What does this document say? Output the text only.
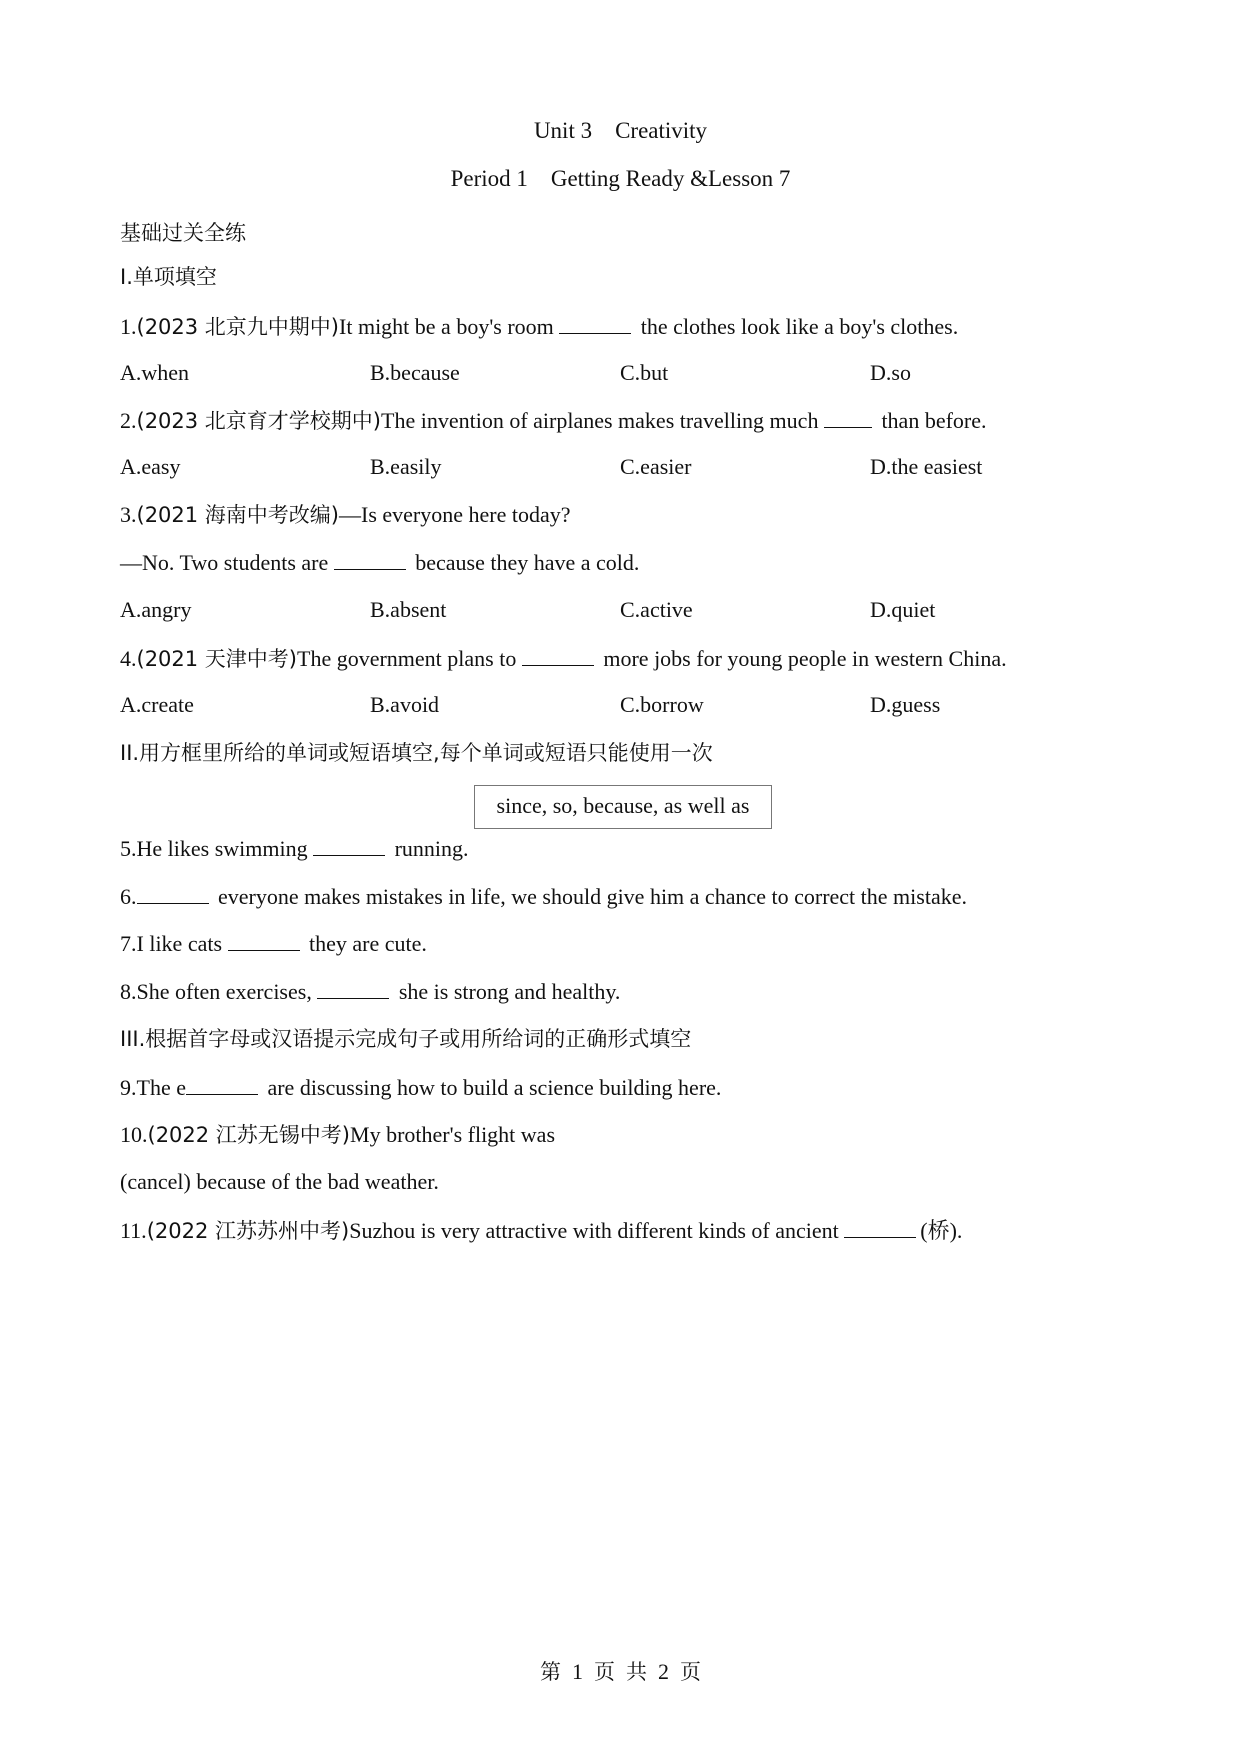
Unit 3    Creativity
Period 1    Getting Ready &Lesson 7
基础过关全练
I.单项填空
1.(2023 北京九中期中)It might be a boy's room	the clothes look like a boy's clothes.
A.when	B.because	C.but	D.so
2.(2023 北京育才学校期中)The invention of airplanes makes travelling much  than before.
A.easy	B.easily	C.easier	D.the easiest
3.(2021 海南中考改编)—Is everyone here today?
—No. Two students are	because they have a cold.
A.angry	B.absent	C.active	D.quiet
4.(2021 天津中考)The government plans to	more jobs for young people in western China.
A.create	B.avoid	C.borrow	D.guess
II.用方框里所给的单词或短语填空,每个单词或短语只能使用一次
since, so, because, as well as
5.He likes swimming	running.
6.	everyone makes mistakes in life, we should give him a chance to correct the mistake.
7.I like cats	they are cute.
8.She often exercises,	she is strong and healthy.
III.根据首字母或汉语提示完成句子或用所给词的正确形式填空
9.The e	are discussing how to build a science building here.
10.(2022 江苏无锡中考)My brother's flight was
(cancel) because of the bad weather.
11.(2022 江苏苏州中考)Suzhou is very attractive with different kinds of ancient	(桥).
第 1 页 共 2 页
